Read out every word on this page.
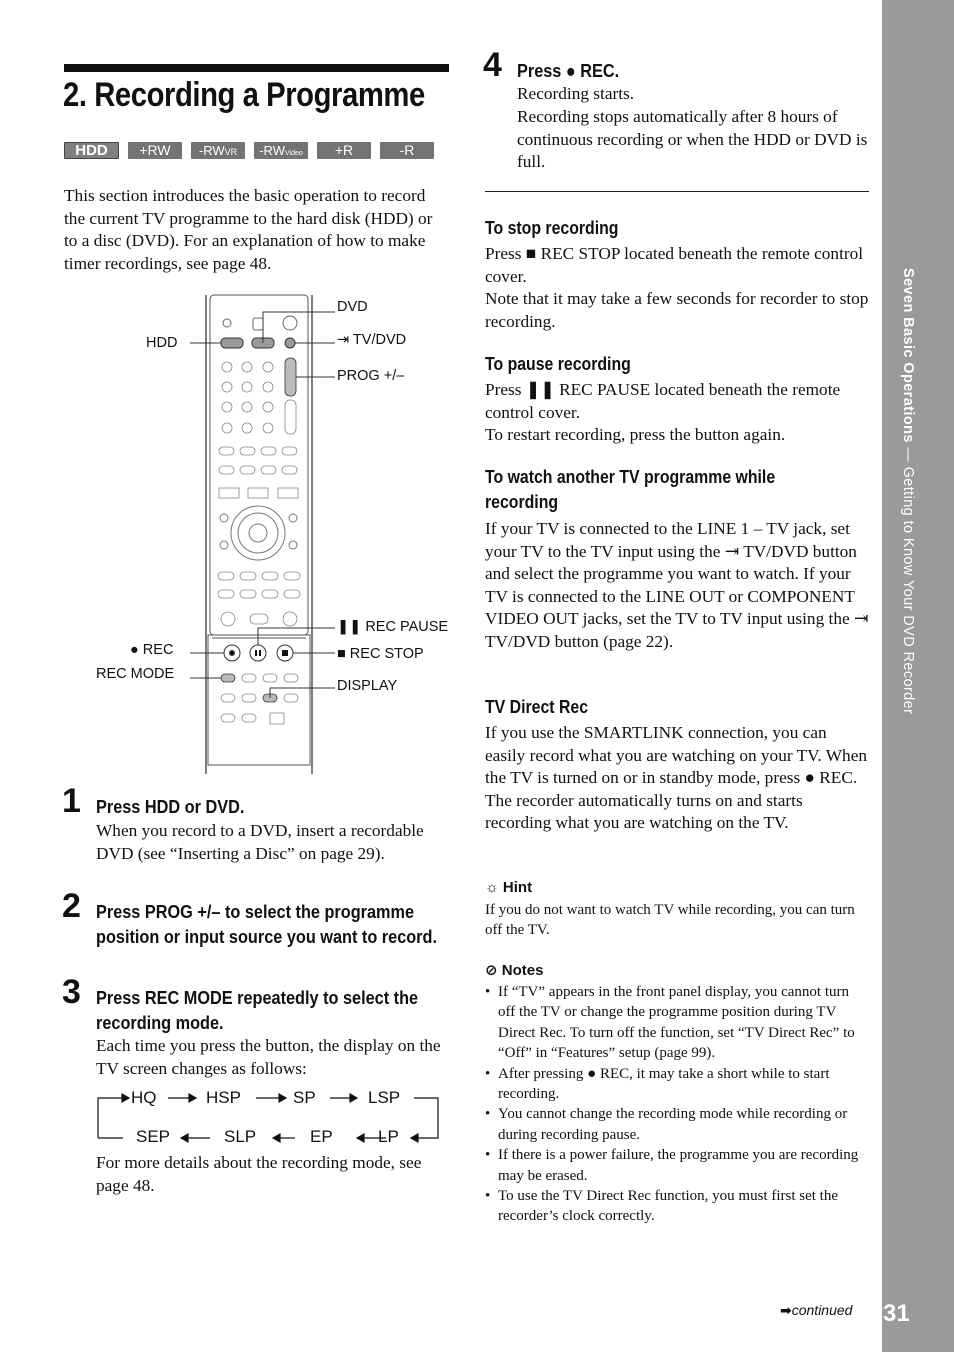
Seven Basic Operations — Getting to Know Your DVD Recorder
31
2. Recording a Programme
HDD	+RW	-RWVR	-RWVideo	+R	-R
This section introduces the basic operation to record the current TV programme to the hard disk (HDD) or to a disc (DVD). For an explanation of how to make timer recordings, see page 48.
HDD
DVD
⇥ TV/DVD
PROG +/–
❚❚ REC PAUSE
● REC	■ REC STOP
REC MODE
DISPLAY
1 Press HDD or DVD.
When you record to a DVD, insert a recordable DVD (see “Inserting a Disc” on page 29).
2 Press PROG +/– to select the programme position or input source you want to record.
3 Press REC MODE repeatedly to select the recording mode.
Each time you press the button, the display on the TV screen changes as follows:
HQ	HSP	SP	LSP
SEP	SLP	EP	LP
For more details about the recording mode, see page 48.
4 Press ● REC.
Recording starts.
Recording stops automatically after 8 hours of continuous recording or when the HDD or DVD is full.
To stop recording
Press ■ REC STOP located beneath the remote control cover.
Note that it may take a few seconds for recorder to stop recording.
To pause recording
Press ❚❚ REC PAUSE located beneath the remote control cover.
To restart recording, press the button again.
To watch another TV programme while
recording
If your TV is connected to the LINE 1 – TV jack, set your TV to the TV input using the ⇥ TV/DVD button and select the programme you want to watch. If your TV is connected to the LINE OUT or COMPONENT VIDEO OUT jacks, set the TV to TV input using the ⇥ TV/DVD button (page 22).
TV Direct Rec
If you use the SMARTLINK connection, you can easily record what you are watching on your TV. When the TV is turned on or in standby mode, press ● REC. The recorder automatically turns on and starts recording what you are watching on the TV.
☼ Hint
If you do not want to watch TV while recording, you can turn off the TV.
⊘ Notes
• If “TV” appears in the front panel display, you cannot turn off the TV or change the programme position during TV Direct Rec. To turn off the function, set “TV Direct Rec” to “Off” in “Features” setup (page 99).
• After pressing ● REC, it may take a short while to start recording.
• You cannot change the recording mode while recording or during recording pause.
• If there is a power failure, the programme you are recording may be erased.
• To use the TV Direct Rec function, you must first set the recorder’s clock correctly.
➡continued
